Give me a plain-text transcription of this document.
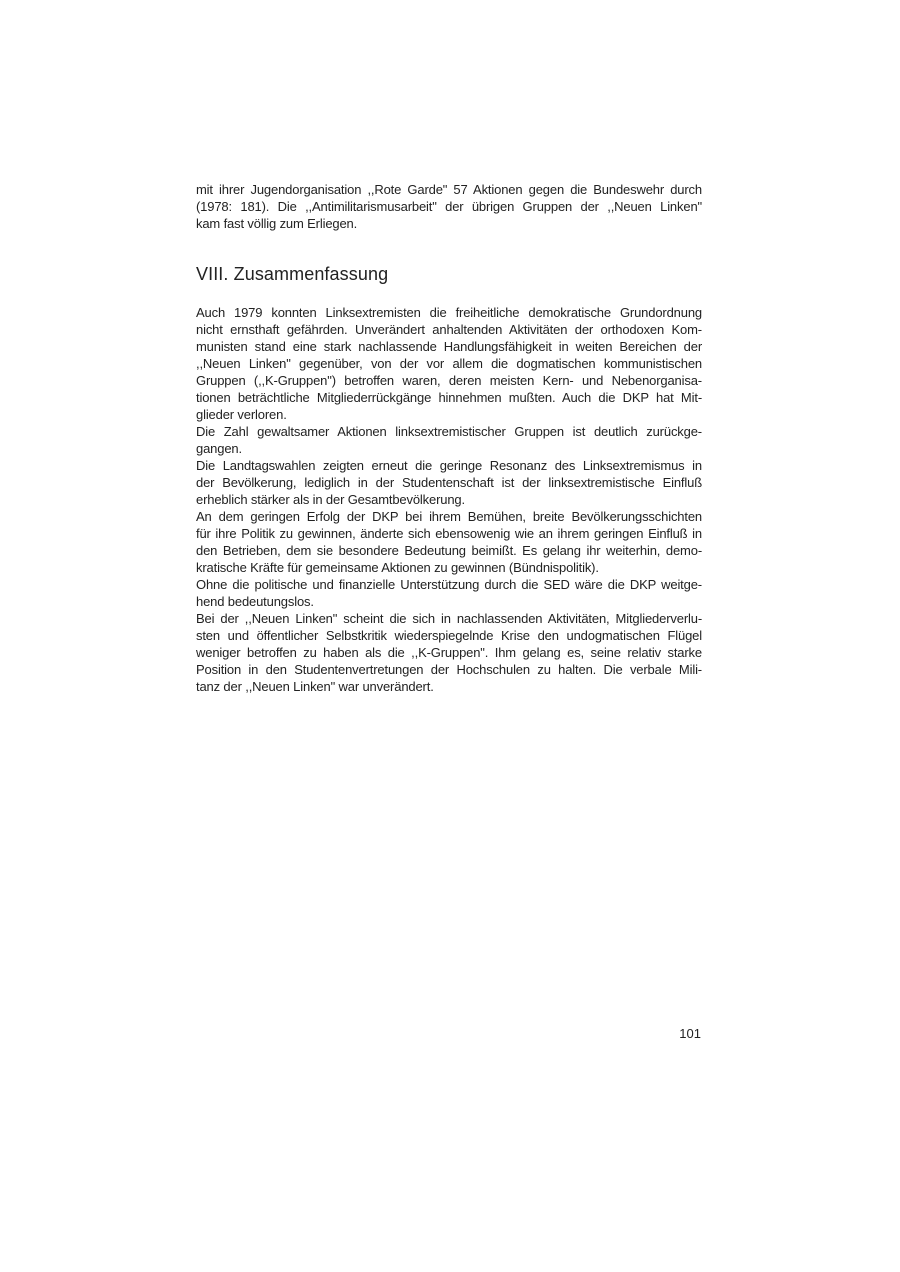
mit ihrer Jugendorganisation ,,Rote Garde" 57 Aktionen gegen die Bundeswehr durch
(1978: 181). Die ,,Antimilitarismusarbeit" der übrigen Gruppen der ,,Neuen Linken"
kam fast völlig zum Erliegen.
VIII. Zusammenfassung
Auch 1979 konnten Linksextremisten die freiheitliche demokratische Grundordnung
nicht ernsthaft gefährden. Unverändert anhaltenden Aktivitäten der orthodoxen Kom-
munisten stand eine stark nachlassende Handlungsfähigkeit in weiten Bereichen der
,,Neuen Linken" gegenüber, von der vor allem die dogmatischen kommunistischen
Gruppen (,,K-Gruppen") betroffen waren, deren meisten Kern- und Nebenorganisa-
tionen beträchtliche Mitgliederrückgänge hinnehmen mußten. Auch die DKP hat Mit-
glieder verloren.
Die Zahl gewaltsamer Aktionen linksextremistischer Gruppen ist deutlich zurückge-
gangen.
Die Landtagswahlen zeigten erneut die geringe Resonanz des Linksextremismus in
der Bevölkerung, lediglich in der Studentenschaft ist der linksextremistische Einfluß
erheblich stärker als in der Gesamtbevölkerung.
An dem geringen Erfolg der DKP bei ihrem Bemühen, breite Bevölkerungsschichten
für ihre Politik zu gewinnen, änderte sich ebensowenig wie an ihrem geringen Einfluß in
den Betrieben, dem sie besondere Bedeutung beimißt. Es gelang ihr weiterhin, demo-
kratische Kräfte für gemeinsame Aktionen zu gewinnen (Bündnispolitik).
Ohne die politische und finanzielle Unterstützung durch die SED wäre die DKP weitge-
hend bedeutungslos.
Bei der ,,Neuen Linken" scheint die sich in nachlassenden Aktivitäten, Mitgliederverlu-
sten und öffentlicher Selbstkritik wiederspiegelnde Krise den undogmatischen Flügel
weniger betroffen zu haben als die ,,K-Gruppen". Ihm gelang es, seine relativ starke
Position in den Studentenvertretungen der Hochschulen zu halten. Die verbale Mili-
tanz der ,,Neuen Linken" war unverändert.
101
